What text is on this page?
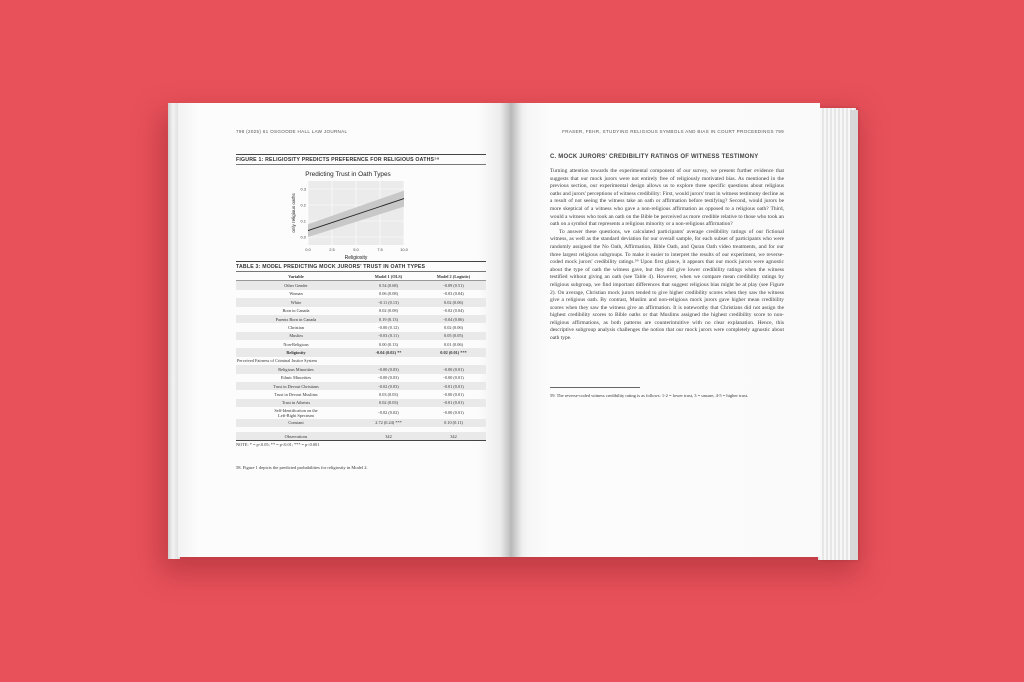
798 (2025) 61 OSGOODE HALL LAW JOURNAL
FIGURE 1: RELIGIOSITY PREDICTS PREFERENCE FOR RELIGIOUS OATHS⁵⁸
Predicting Trust in Oath Types
0.0	2.5	5.0	7.5	10.0
0.0
0.1
0.2
0.3
Religiosity
only religious oaths
TABLE 3: MODEL PREDICTING MOCK JURORS' TRUST IN OATH TYPES
Variable	Model 1 (OLS)	Model 2 (Logistic)
Other Gender	0.54 (0.68)	-0.09 (0.51)
Woman	0.06 (0.08)	-0.03 (0.04)
White	-0.11 (0.13)	0.02 (0.06)
Born in Canada	0.02 (0.08)	-0.02 (0.04)
Parents Born in Canada	0.19 (0.13)	-0.04 (0.06)
Christian	-0.00 (0.12)	0.02 (0.06)
Muslim	-0.03 (0.11)	0.05 (0.05)
Non-Religious	0.00 (0.13)	0.01 (0.06)
Religiosity	-0.04 (0.02) **	0.02 (0.01) ***
Perceived Fairness of Criminal Justice System		
Religious Minorities	-0.00 (0.03)	-0.00 (0.01)
Ethnic Minorities	-0.00 (0.03)	-0.00 (0.01)
Trust in Devout Christians	-0.02 (0.03)	-0.01 (0.01)
Trust in Devout Muslims	0.03 (0.03)	-0.00 (0.01)
Trust in Atheists	0.02 (0.03)	-0.01 (0.01)

Self-Identification on the
Left-Right Spectrum	-0.02 (0.02)	-0.00 (0.01)
Constant	2.72 (0.24) ***	0.10 (0.11)

Observations	342	342
NOTE: * = p<0.05; ** = p<0.01; *** = p<0.001
58. Figure 1 depicts the predicted probabilities for religiosity in Model 2.
FRASER, FEHR, STUDYING RELIGIOUS SYMBOLS AND BIAS IN COURT PROCEEDINGS 799
C. MOCK JURORS' CREDIBILITY RATINGS OF WITNESS TESTIMONY

Turning attention towards the experimental component of our survey, we present further evidence that suggests that our mock jurors were not entirely free of religiously motivated bias. As mentioned in the previous section, our experimental design allows us to explore three specific questions about religious oaths and jurors' perceptions of witness credibility: First, would jurors' trust in witness testimony decline as a result of not seeing the witness take an oath or affirmation before testifying? Second, would jurors be more skeptical of a witness who gave a non-religious affirmation as opposed to a religious oath? Third, would a witness who took an oath on the Bible be perceived as more credible relative to those who took an oath on a symbol that represents a religious minority or a non-religious affirmation?

To answer these questions, we calculated participants' average credibility ratings of our fictional witness, as well as the standard deviation for our overall sample, for each subset of participants who were randomly assigned the No Oath, Affirmation, Bible Oath, and Quran Oath video treatments, and for our three largest religious subgroups. To make it easier to interpret the results of our experiment, we reverse-coded mock jurors' credibility ratings.⁵⁹ Upon first glance, it appears that our mock jurors were agnostic about the type of oath the witness gave, but they did give lower credibility ratings when the witness testified without giving an oath (see Table 4). However, when we compare mean credibility ratings by religious subgroup, we find important differences that suggest religious bias might be at play (see Figure 2). On average, Christian mock jurors tended to give higher credibility scores when they saw the witness give a religious oath. By contrast, Muslim and non-religious mock jurors gave higher mean credibility scores when they saw the witness give an affirmation. It is noteworthy that Christians did not assign the highest credibility scores to Bible oaths or that Muslims assigned the highest credibility score to non-religious affirmations, as both patterns are counterintuitive with no clear explanation. Hence, this descriptive subgroup analysis challenges the notion that our mock jurors were completely agnostic about oath type.

59. The reverse-coded witness credibility rating is as follows: 1-2 = lower trust, 3 = unsure, 4-5 = higher trust.
